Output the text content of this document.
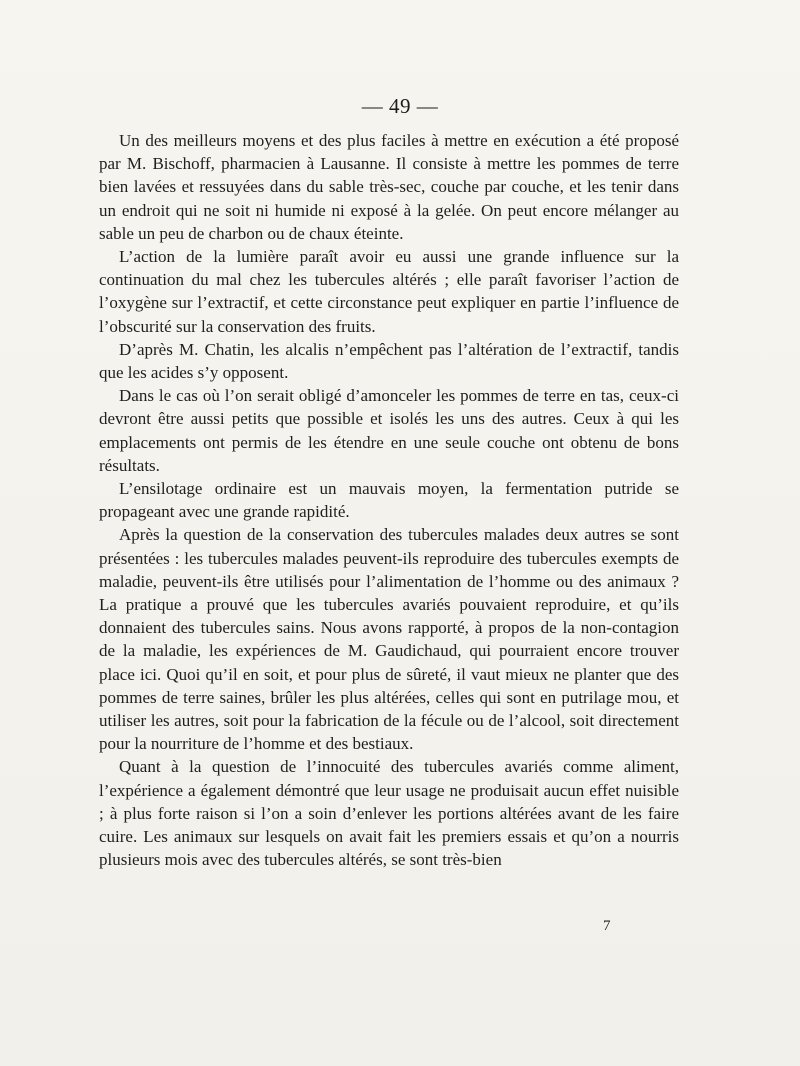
— 49 —

Un des meilleurs moyens et des plus faciles à mettre en exécution a été proposé par M. Bischoff, pharmacien à Lausanne. Il consiste à mettre les pommes de terre bien lavées et ressuyées dans du sable très-sec, couche par couche, et les tenir dans un endroit qui ne soit ni humide ni exposé à la gelée. On peut encore mélanger au sable un peu de charbon ou de chaux éteinte.

L’action de la lumière paraît avoir eu aussi une grande influence sur la continuation du mal chez les tubercules altérés ; elle paraît favoriser l’action de l’oxygène sur l’extractif, et cette circonstance peut expliquer en partie l’influence de l’obscurité sur la conservation des fruits.

D’après M. Chatin, les alcalis n’empêchent pas l’altération de l’extractif, tandis que les acides s’y opposent.

Dans le cas où l’on serait obligé d’amonceler les pommes de terre en tas, ceux-ci devront être aussi petits que possible et isolés les uns des autres. Ceux à qui les emplacements ont permis de les étendre en une seule couche ont obtenu de bons résultats.

L’ensilotage ordinaire est un mauvais moyen, la fermentation putride se propageant avec une grande rapidité.

Après la question de la conservation des tubercules malades deux autres se sont présentées : les tubercules malades peuvent-ils reproduire des tubercules exempts de maladie, peuvent-ils être utilisés pour l’alimentation de l’homme ou des animaux ? La pratique a prouvé que les tubercules avariés pouvaient reproduire, et qu’ils donnaient des tubercules sains. Nous avons rapporté, à propos de la non-contagion de la maladie, les expériences de M. Gaudichaud, qui pourraient encore trouver place ici. Quoi qu’il en soit, et pour plus de sûreté, il vaut mieux ne planter que des pommes de terre saines, brûler les plus altérées, celles qui sont en putrilage mou, et utiliser les autres, soit pour la fabrication de la fécule ou de l’alcool, soit directement pour la nourriture de l’homme et des bestiaux.

Quant à la question de l’innocuité des tubercules avariés comme aliment, l’expérience a également démontré que leur usage ne produisait aucun effet nuisible ; à plus forte raison si l’on a soin d’enlever les portions altérées avant de les faire cuire. Les animaux sur lesquels on avait fait les premiers essais et qu’on a nourris plusieurs mois avec des tubercules altérés, se sont très-bien

7
